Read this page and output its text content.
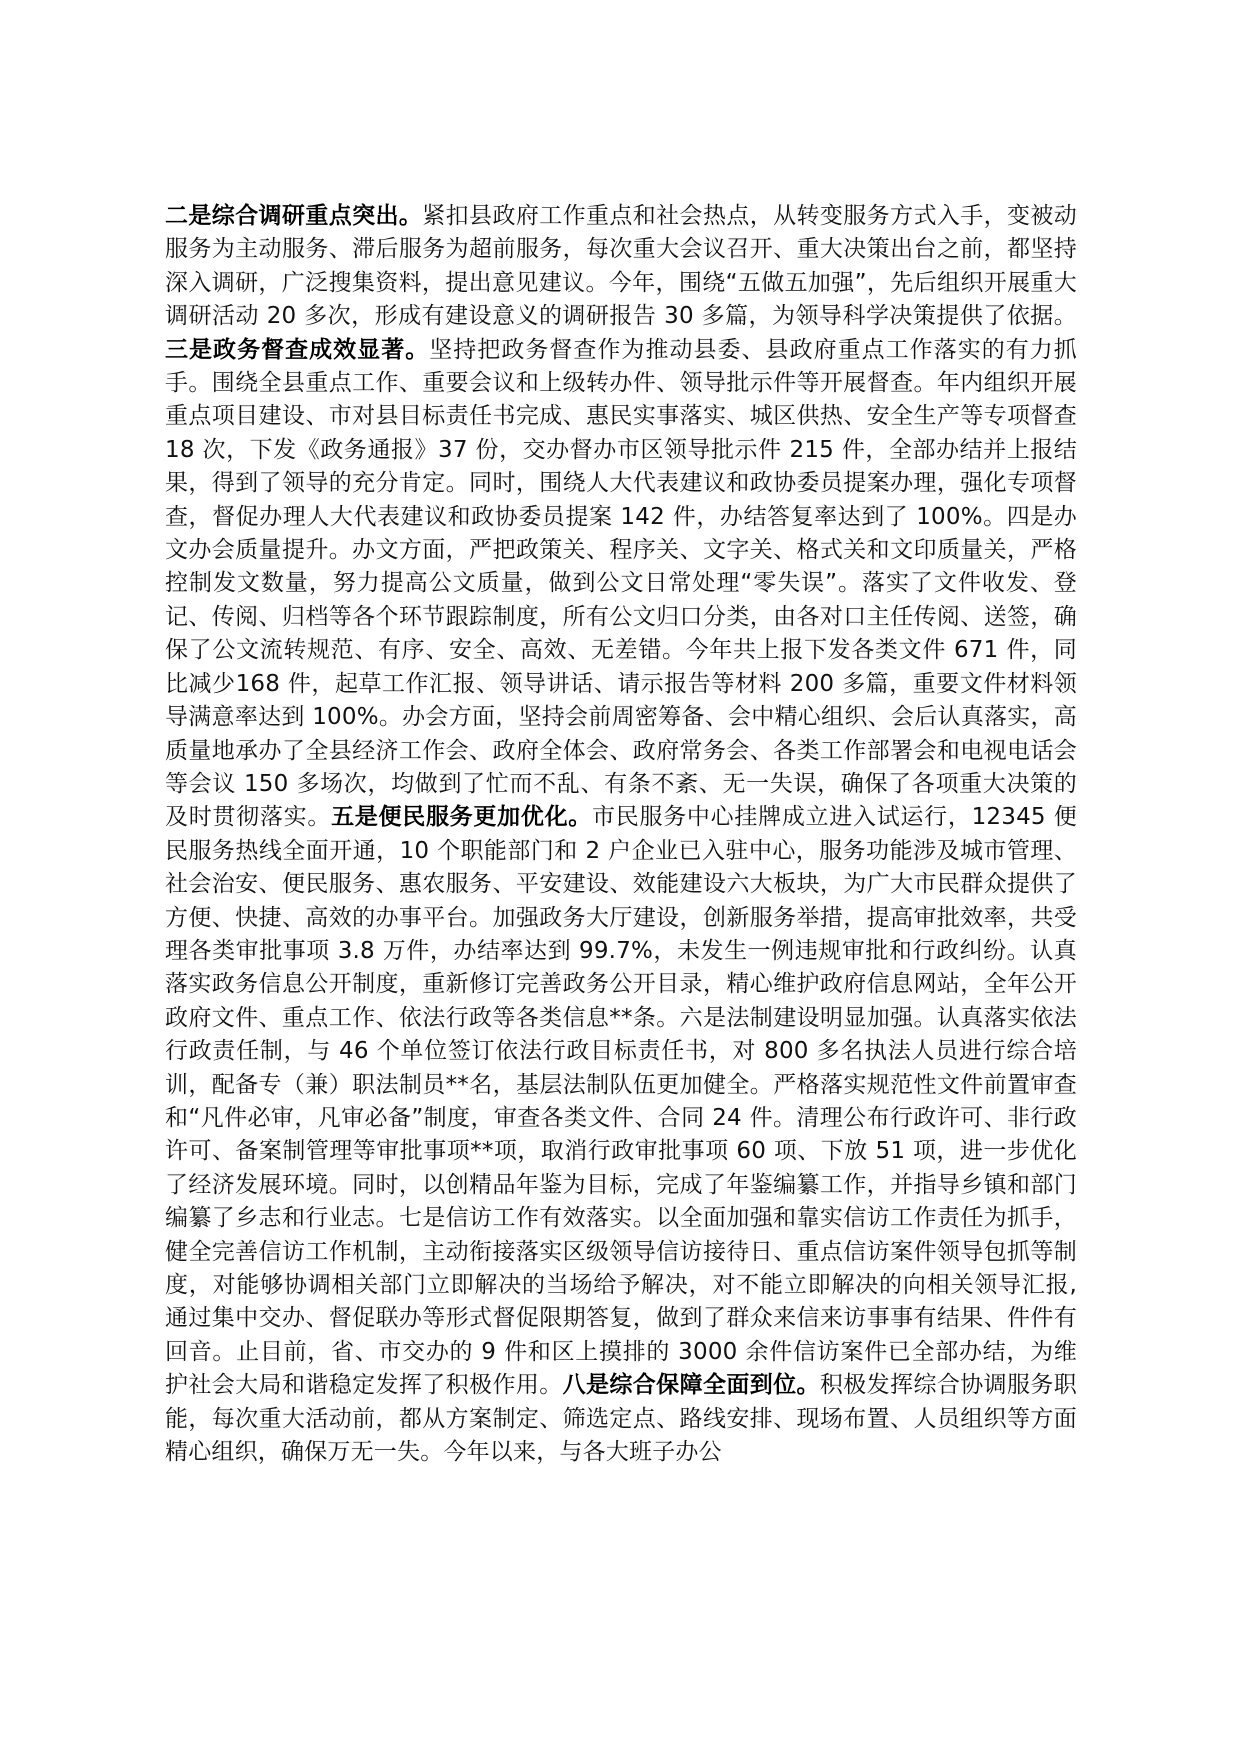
二是综合调研重点突出。紧扣县政府工作重点和社会热点，从转变服务方式入手，变被动服务为主动服务、滞后服务为超前服务，每次重大会议召开、重大决策出台之前，都坚持深入调研，广泛搜集资料，提出意见建议。今年，围绕“五做五加强”，先后组织开展重大调研活动 20 多次，形成有建设意义的调研报告 30 多篇，为领导科学决策提供了依据。三是政务督查成效显著。坚持把政务督查作为推动县委、县政府重点工作落实的有力抓手。围绕全县重点工作、重要会议和上级转办件、领导批示件等开展督查。年内组织开展重点项目建设、市对县目标责任书完成、惠民实事落实、城区供热、安全生产等专项督查 18 次，下发《政务通报》37 份，交办督办市区领导批示件 215 件，全部办结并上报结果，得到了领导的充分肯定。同时，围绕人大代表建议和政协委员提案办理，强化专项督查，督促办理人大代表建议和政协委员提案 142 件，办结答复率达到了 100%。四是办文办会质量提升。办文方面，严把政策关、程序关、文字关、格式关和文印质量关，严格控制发文数量，努力提高公文质量，做到公文日常处理“零失误”。落实了文件收发、登记、传阅、归档等各个环节跟踪制度，所有公文归口分类，由各对口主任传阅、送签，确保了公文流转规范、有序、安全、高效、无差错。今年共上报下发各类文件 671 件，同比减少168 件，起草工作汇报、领导讲话、请示报告等材料 200 多篇，重要文件材料领导满意率达到 100%。办会方面，坚持会前周密筹备、会中精心组织、会后认真落实，高质量地承办了全县经济工作会、政府全体会、政府常务会、各类工作部署会和电视电话会等会议 150 多场次，均做到了忙而不乱、有条不紊、无一失误，确保了各项重大决策的及时贯彻落实。五是便民服务更加优化。市民服务中心挂牌成立进入试运行，12345 便民服务热线全面开通，10 个职能部门和 2 户企业已入驻中心，服务功能涉及城市管理、社会治安、便民服务、惠农服务、平安建设、效能建设六大板块，为广大市民群众提供了方便、快捷、高效的办事平台。加强政务大厅建设，创新服务举措，提高审批效率，共受理各类审批事项 3.8 万件，办结率达到 99.7%，未发生一例违规审批和行政纠纷。认真落实政务信息公开制度，重新修订完善政务公开目录，精心维护政府信息网站，全年公开政府文件、重点工作、依法行政等各类信息**条。六是法制建设明显加强。认真落实依法行政责任制，与 46 个单位签订依法行政目标责任书，对 800 多名执法人员进行综合培训，配备专（兼）职法制员**名，基层法制队伍更加健全。严格落实规范性文件前置审查和“凡件必审，凡审必备”制度，审查各类文件、合同 24 件。清理公布行政许可、非行政许可、备案制管理等审批事项**项，取消行政审批事项 60 项、下放 51 项，进一步优化了经济发展环境。同时，以创精品年鉴为目标，完成了年鉴编纂工作，并指导乡镇和部门编纂了乡志和行业志。七是信访工作有效落实。以全面加强和靠实信访工作责任为抓手，健全完善信访工作机制，主动衔接落实区级领导信访接待日、重点信访案件领导包抓等制度，对能够协调相关部门立即解决的当场给予解决，对不能立即解决的向相关领导汇报,通过集中交办、督促联办等形式督促限期答复，做到了群众来信来访事事有结果、件件有回音。止目前，省、市交办的 9 件和区上摸排的 3000 余件信访案件已全部办结，为维护社会大局和谐稳定发挥了积极作用。八是综合保障全面到位。积极发挥综合协调服务职能，每次重大活动前，都从方案制定、筛选定点、路线安排、现场布置、人员组织等方面精心组织，确保万无一失。今年以来，与各大班子办公
